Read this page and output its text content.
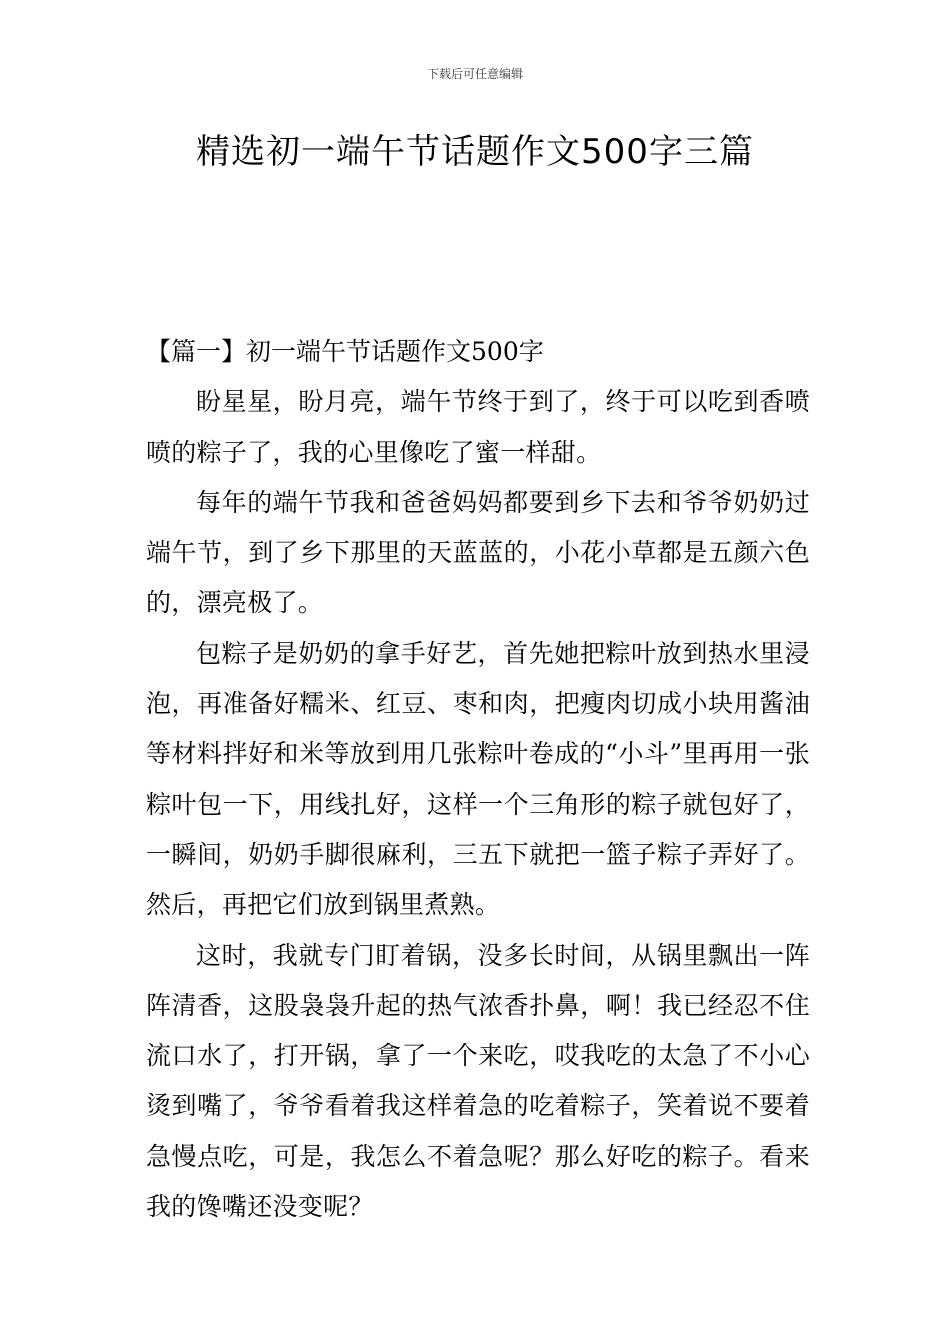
下载后可任意编辑
精选初一端午节话题作文500字三篇

【篇一】初一端午节话题作文500字

盼星星，盼月亮，端午节终于到了，终于可以吃到香喷喷的粽子了，我的心里像吃了蜜一样甜。

每年的端午节我和爸爸妈妈都要到乡下去和爷爷奶奶过端午节，到了乡下那里的天蓝蓝的，小花小草都是五颜六色的，漂亮极了。

包粽子是奶奶的拿手好艺，首先她把粽叶放到热水里浸泡，再准备好糯米、红豆、枣和肉，把瘦肉切成小块用酱油等材料拌好和米等放到用几张粽叶卷成的“小斗”里再用一张粽叶包一下，用线扎好，这样一个三角形的粽子就包好了，一瞬间，奶奶手脚很麻利，三五下就把一篮子粽子弄好了。然后，再把它们放到锅里煮熟。

这时，我就专门盯着锅，没多长时间，从锅里飘出一阵阵清香，这股袅袅升起的热气浓香扑鼻，啊！我已经忍不住流口水了，打开锅，拿了一个来吃，哎我吃的太急了不小心烫到嘴了，爷爷看着我这样着急的吃着粽子，笑着说不要着急慢点吃，可是，我怎么不着急呢？那么好吃的粽子。看来我的馋嘴还没变呢？
